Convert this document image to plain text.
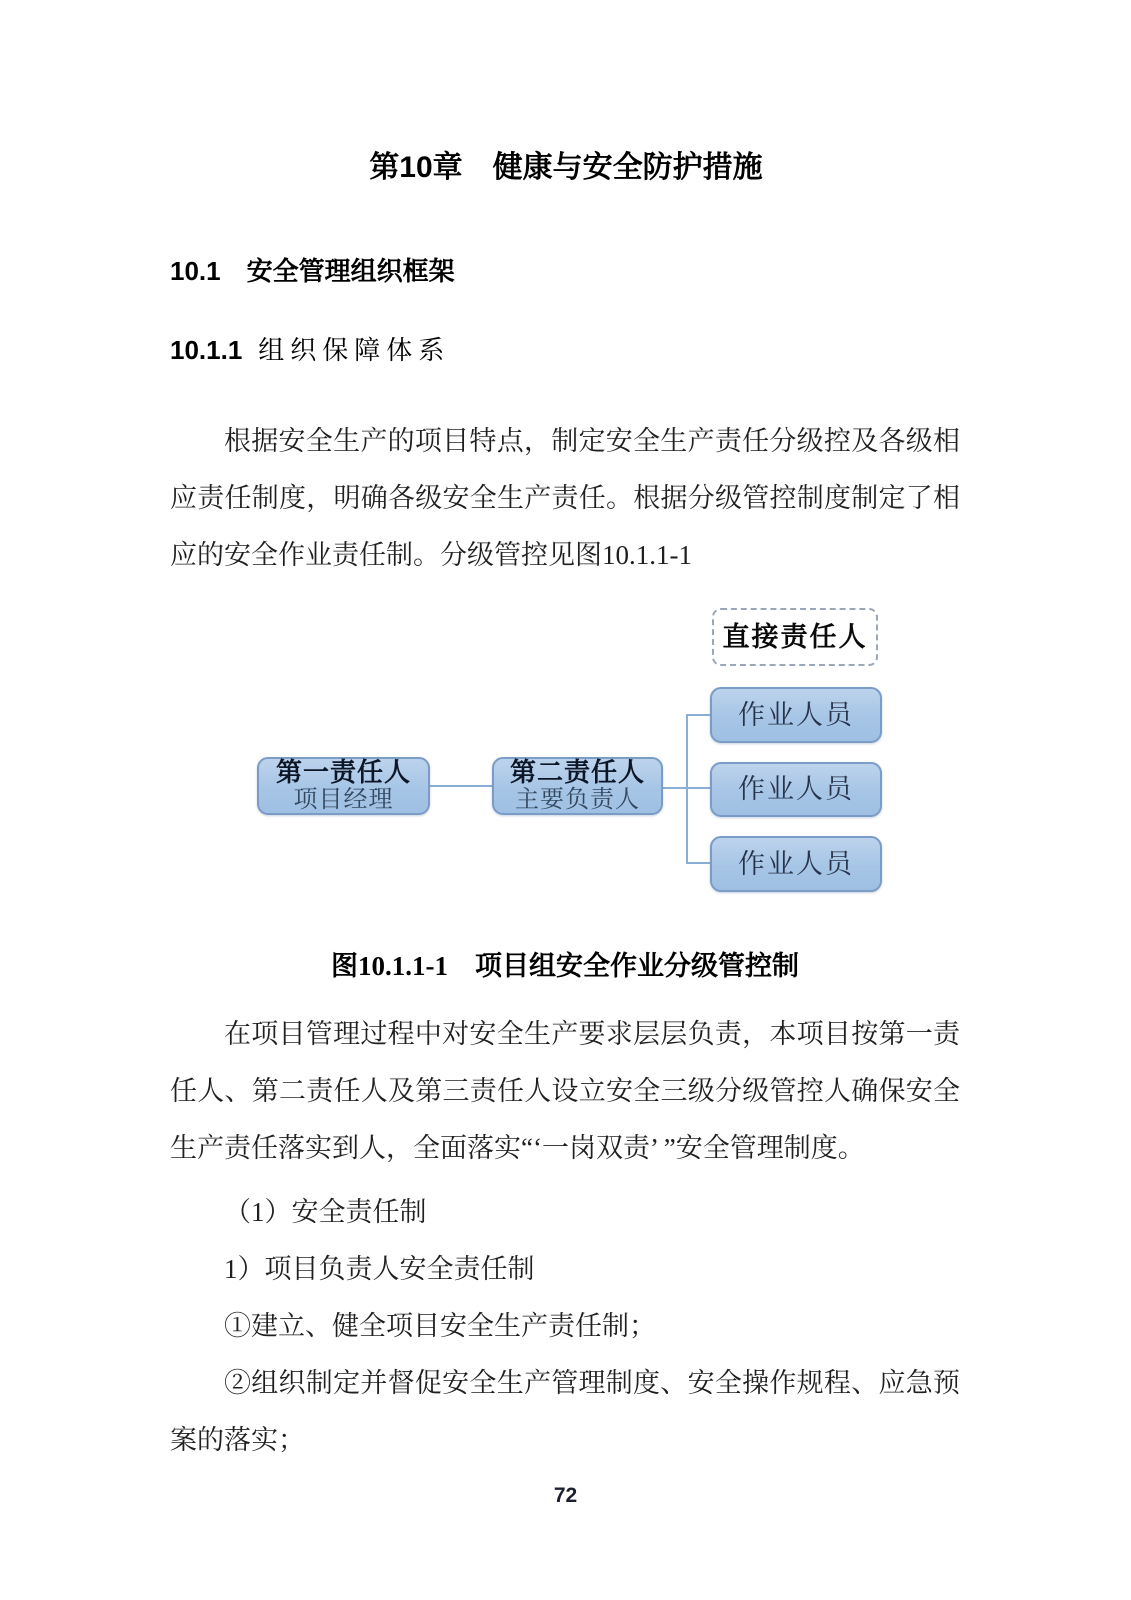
第10章　健康与安全防护措施
10.1　安全管理组织框架
10.1.1 组织保障体系

根据安全生产的项目特点，制定安全生产责任分级控及各级相应责任制度，明确各级安全生产责任。根据分级管控制度制定了相应的安全作业责任制。分级管控见图10.1.1-1

直接责任人
作业人员
作业人员
作业人员
第一责任人
项目经理
第二责任人
主要负责人
图10.1.1-1　项目组安全作业分级管控制

在项目管理过程中对安全生产要求层层负责，本项目按第一责任人、第二责任人及第三责任人设立安全三级分级管控人确保安全生产责任落实到人，全面落实“‘一岗双责’ ”安全管理制度。

（1）安全责任制

1）项目负责人安全责任制

①建立、健全项目安全生产责任制；

②组织制定并督促安全生产管理制度、安全操作规程、应急预案的落实；

72
